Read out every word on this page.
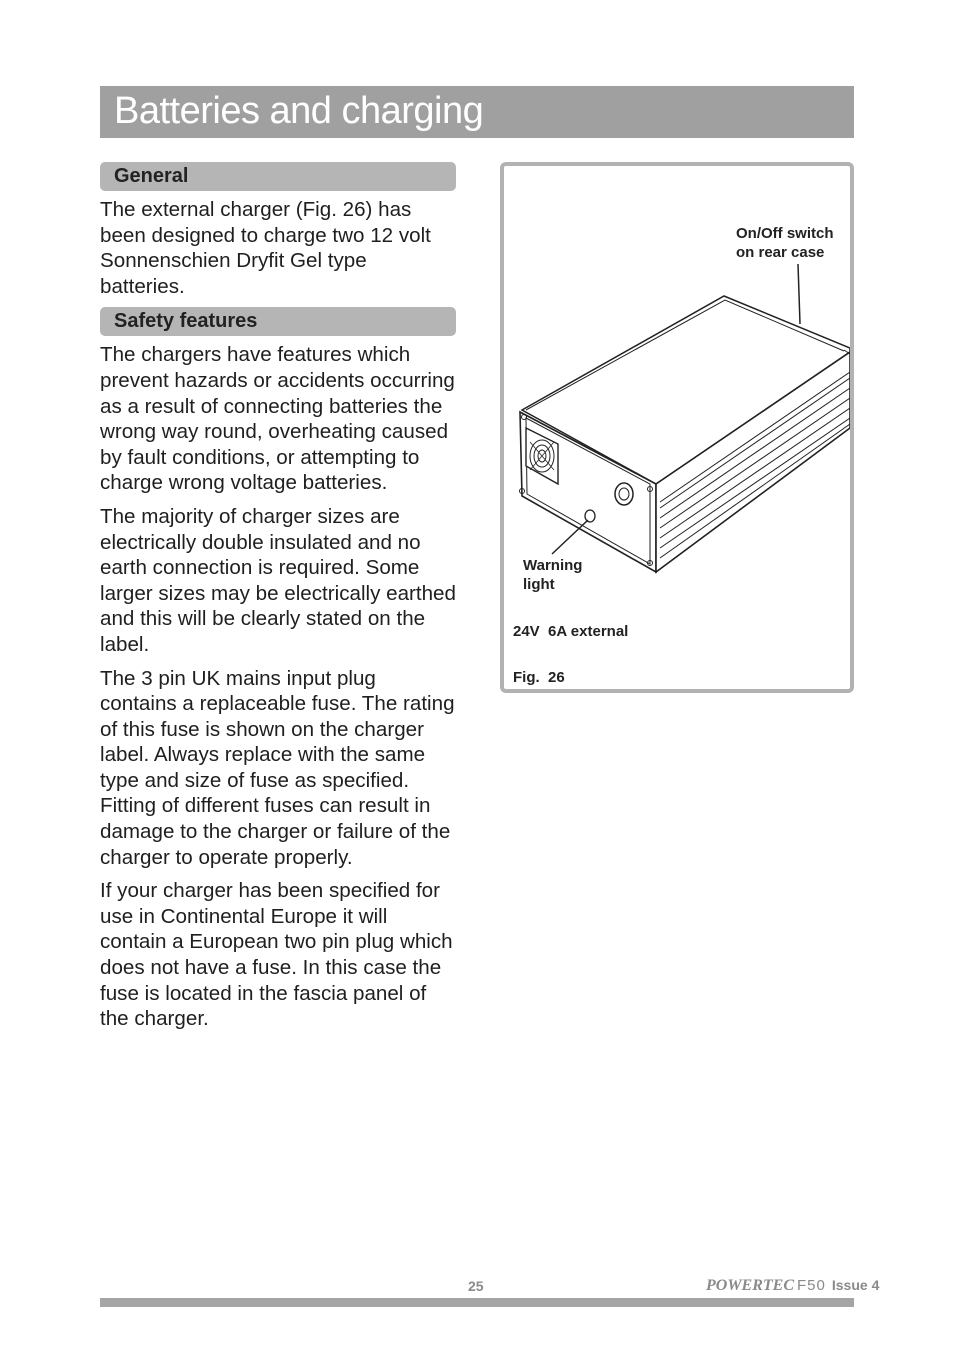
Batteries and charging
General

The external charger (Fig. 26) has been designed to charge two 12 volt Sonnenschien Dryfit Gel type batteries.

Safety features

The chargers have features which prevent hazards or accidents occurring as a result of connecting batteries the wrong way round, overheating caused by fault conditions, or attempting to charge wrong voltage batteries.

The majority of charger sizes are electrically double insulated and no earth connection is required. Some larger sizes may be electrically earthed and this will be clearly stated on the label.

The 3 pin UK mains input plug contains a replaceable fuse. The rating of this fuse is shown on the charger label. Always replace with the same type and size of fuse as specified. Fitting of different fuses can result in damage to the charger or failure of the charger to operate properly.

If your charger has been specified for use in Continental Europe it will contain a European two pin plug which does not have a fuse. In this case the fuse is located in the fascia panel of the charger.

On/Off switch
on rear case
Warning
light
24V  6A external
Fig.  26
25	POWERTEC F50 Issue 4
